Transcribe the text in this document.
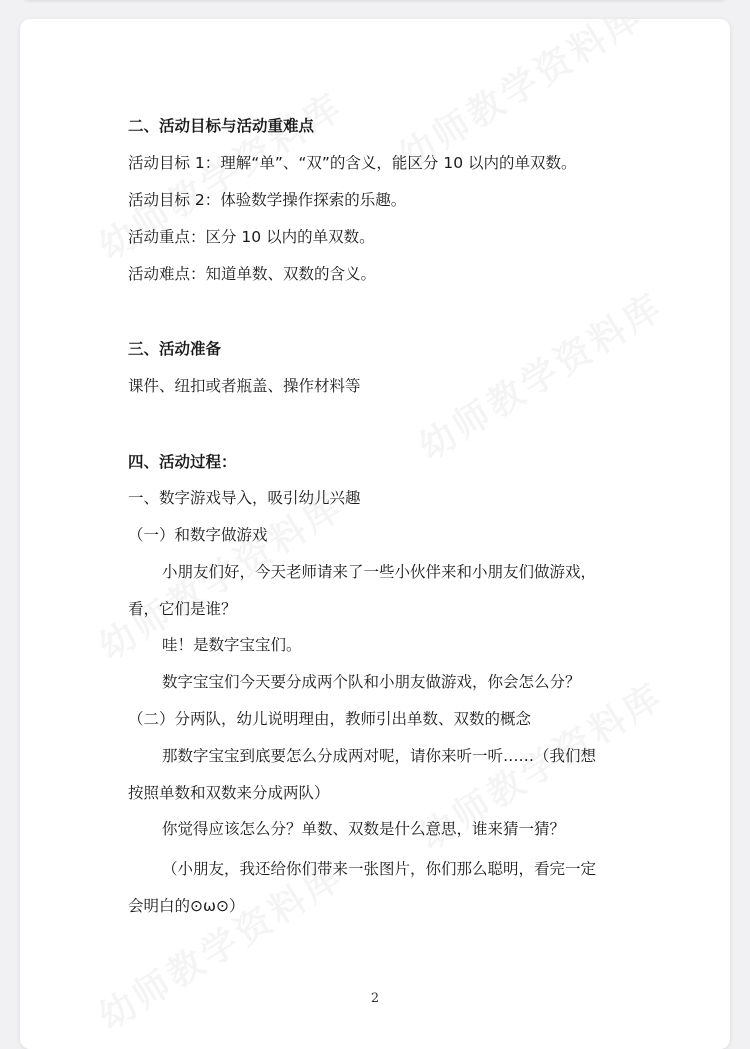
二、活动目标与活动重难点
活动目标 1：理解“单”、“双”的含义，能区分 10 以内的单双数。
活动目标 2：体验数学操作探索的乐趣。
活动重点：区分 10 以内的单双数。
活动难点：知道单数、双数的含义。
三、活动准备
课件、纽扣或者瓶盖、操作材料等
四、活动过程：
一、数字游戏导入，吸引幼儿兴趣
（一）和数字做游戏
小朋友们好，今天老师请来了一些小伙伴来和小朋友们做游戏，
看，它们是谁？
哇！是数字宝宝们。
数字宝宝们今天要分成两个队和小朋友做游戏，你会怎么分？
（二）分两队，幼儿说明理由，教师引出单数、双数的概念
那数字宝宝到底要怎么分成两对呢，请你来听一听……（我们想
按照单数和双数来分成两队）
你觉得应该怎么分？单数、双数是什么意思，谁来猜一猜？
（小朋友，我还给你们带来一张图片，你们那么聪明，看完一定
会明白的⊙ω⊙）
2
